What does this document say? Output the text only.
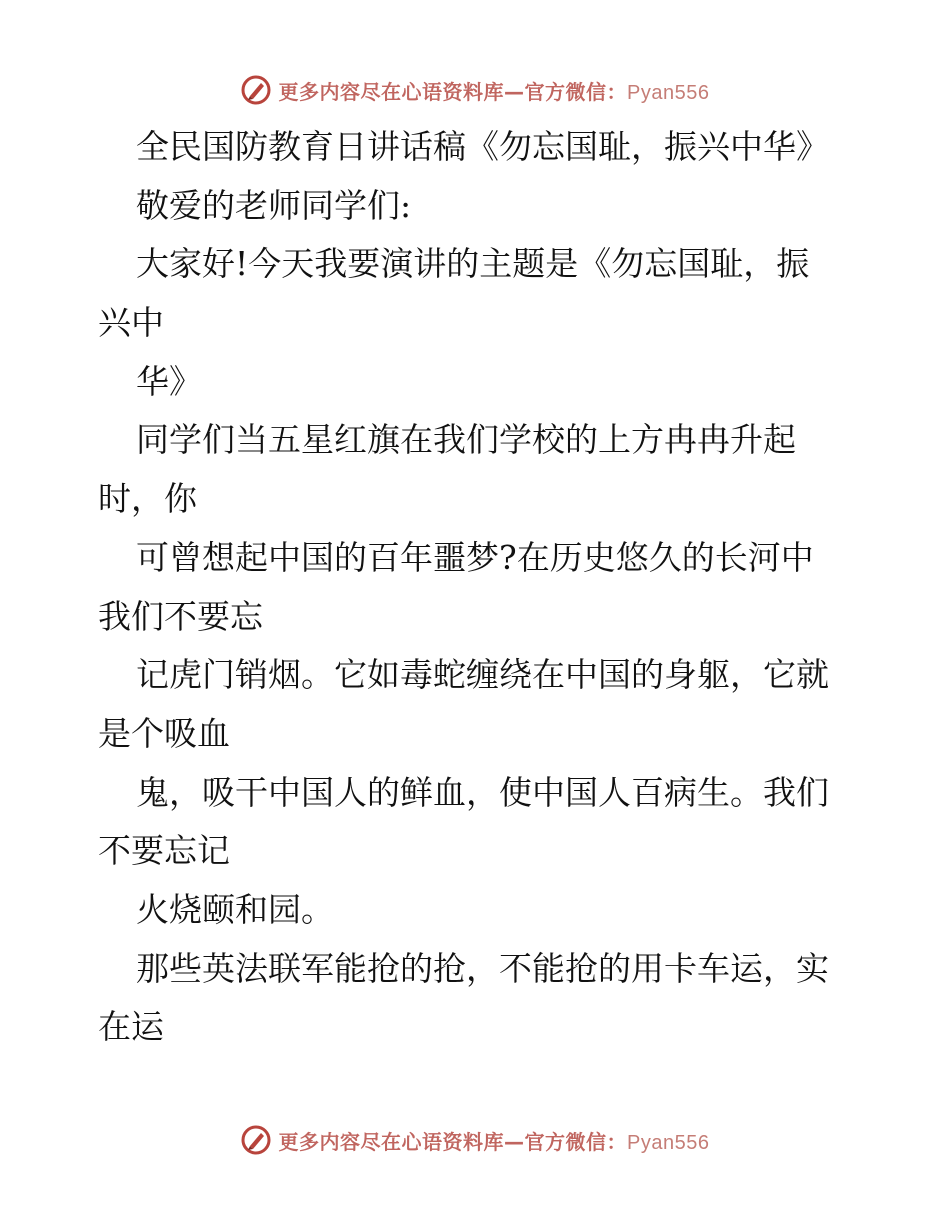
更多内容尽在心语资料库—官方微信：Pyan556
全民国防教育日讲话稿《勿忘国耻，振兴中华》
敬爱的老师同学们:
大家好!今天我要演讲的主题是《勿忘国耻，振
兴中
华》
同学们当五星红旗在我们学校的上方冉冉升起
时，你
可曾想起中国的百年噩梦?在历史悠久的长河中
我们不要忘
记虎门销烟。它如毒蛇缠绕在中国的身躯，它就
是个吸血
鬼，吸干中国人的鲜血，使中国人百病生。我们
不要忘记
火烧颐和园。
那些英法联军能抢的抢，不能抢的用卡车运，实
在运
更多内容尽在心语资料库—官方微信：Pyan556
